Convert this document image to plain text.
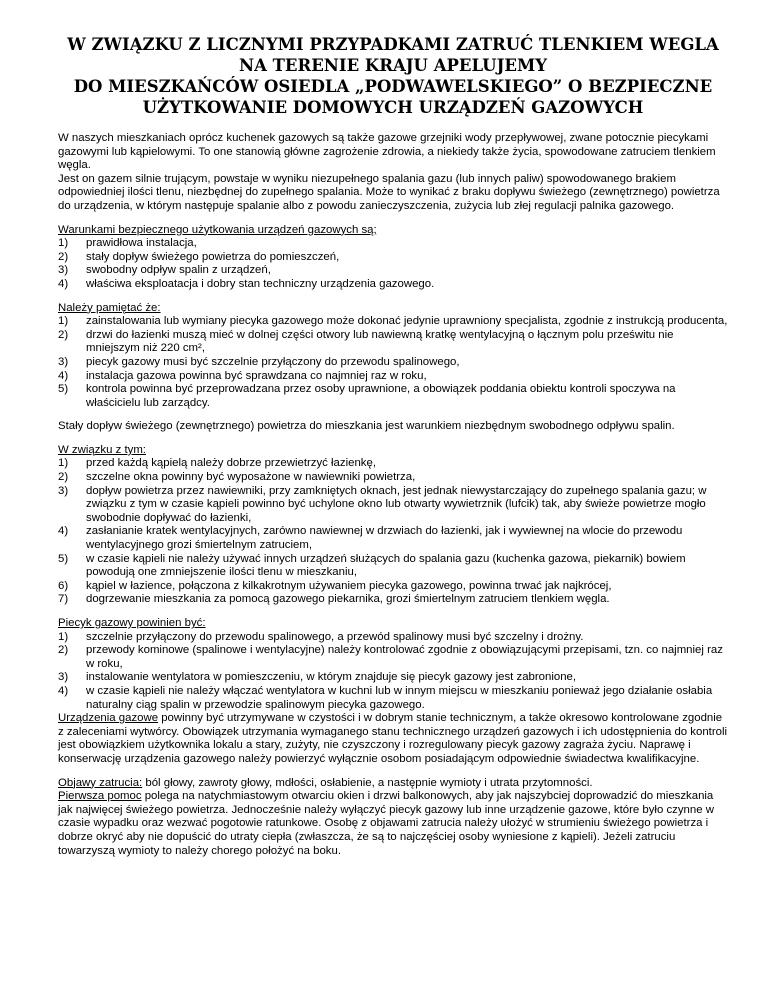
W ZWIĄZKU Z LICZNYMI PRZYPADKAMI ZATRUĆ TLENKIEM WEGLA
NA TERENIE KRAJU APELUJEMY
DO MIESZKAŃCÓW OSIEDLA „PODWAWELSKIEGO” O BEZPIECZNE
UŻYTKOWANIE DOMOWYCH URZĄDZEŃ GAZOWYCH

W naszych mieszkaniach oprócz kuchenek gazowych są także gazowe grzejniki wody przepływowej, zwane potocznie piecykami gazowymi lub kąpielowymi. To one stanowią główne zagrożenie zdrowia, a niekiedy także życia, spowodowane zatruciem tlenkiem węgla.

Jest on gazem silnie trującym, powstaje w wyniku niezupełnego spalania gazu (lub innych paliw) spowodowanego brakiem odpowiedniej ilości tlenu, niezbędnej do zupełnego spalania. Może to wynikać z braku dopływu świeżego (zewnętrznego) powietrza do urządzenia, w którym następuje spalanie albo z powodu zanieczyszczenia, zużycia lub złej regulacji palnika gazowego.

Warunkami bezpiecznego użytkowania urządzeń gazowych są;

1)	prawidłowa instalacja,
2)	stały dopływ świeżego powietrza do pomieszczeń,
3)	swobodny odpływ spalin z urządzeń,
4)	właściwa eksploatacja i dobry stan techniczny urządzenia gazowego.

Należy pamiętać że:

1)	zainstalowania lub wymiany piecyka gazowego może dokonać jedynie uprawniony specjalista, zgodnie z instrukcją producenta,
2)	drzwi do łazienki muszą mieć w dolnej części otwory lub nawiewną kratkę wentylacyjną o łącznym polu prześwitu nie mniejszym niż 220 cm²,
3)	piecyk gazowy musi być szczelnie przyłączony do przewodu spalinowego,
4)	instalacja gazowa powinna być sprawdzana co najmniej raz w roku,
5)	kontrola powinna być przeprowadzana przez osoby uprawnione, a obowiązek poddania obiektu kontroli spoczywa na właścicielu lub zarządcy.

Stały dopływ świeżego (zewnętrznego) powietrza do mieszkania jest warunkiem niezbędnym swobodnego odpływu spalin.

W związku z tym:

1)	przed każdą kąpielą należy dobrze przewietrzyć łazienkę,
2)	szczelne okna powinny być wyposażone w nawiewniki powietrza,
3)	dopływ powietrza przez nawiewniki, przy zamkniętych oknach, jest jednak niewystarczający do zupełnego spalania gazu; w związku z tym w czasie kąpieli powinno być uchylone okno lub otwarty wywietrznik (lufcik) tak, aby świeże powietrze mogło swobodnie dopływać do łazienki,
4)	zasłanianie kratek wentylacyjnych, zarówno nawiewnej w drzwiach do łazienki, jak i wywiewnej na wlocie do przewodu wentylacyjnego grozi śmiertelnym zatruciem,
5)	w czasie kąpieli nie należy używać innych urządzeń służących do spalania gazu (kuchenka gazowa, piekarnik) bowiem powodują one zmniejszenie ilości tlenu w mieszkaniu,
6)	kąpiel w łazience, połączona z kilkakrotnym używaniem piecyka gazowego, powinna trwać jak najkrócej,
7)	dogrzewanie mieszkania za pomocą gazowego piekarnika, grozi śmiertelnym zatruciem tlenkiem węgla.

Piecyk gazowy powinien być:

1)	szczelnie przyłączony do przewodu spalinowego, a przewód spalinowy musi być szczelny i drożny.
2)	przewody kominowe (spalinowe i wentylacyjne) należy kontrolować zgodnie z obowiązującymi przepisami, tzn. co najmniej raz w roku,
3)	instalowanie wentylatora w pomieszczeniu, w którym znajduje się piecyk gazowy jest zabronione,
4)	w czasie kąpieli nie należy włączać wentylatora w kuchni lub w innym miejscu w mieszkaniu ponieważ jego działanie osłabia naturalny ciąg spalin w przewodzie spalinowym piecyka gazowego.

Urządzenia gazowe powinny być utrzymywane w czystości i w dobrym stanie technicznym, a także okresowo kontrolowane zgodnie z zaleceniami wytwórcy. Obowiązek utrzymania wymaganego stanu technicznego urządzeń gazowych i ich udostępnienia do kontroli jest obowiązkiem użytkownika lokalu a stary, zużyty, nie czyszczony i rozregulowany piecyk gazowy zagraża życiu. Naprawę i konserwację urządzenia gazowego należy powierzyć wyłącznie osobom posiadającym odpowiednie świadectwa kwalifikacyjne.

Objawy zatrucia: ból głowy, zawroty głowy, mdłości, osłabienie, a następnie wymioty i utrata przytomności.

Pierwsza pomoc polega na natychmiastowym otwarciu okien i drzwi balkonowych, aby jak najszybciej doprowadzić do mieszkania jak najwięcej świeżego powietrza. Jednocześnie należy wyłączyć piecyk gazowy lub inne urządzenie gazowe, które było czynne w czasie wypadku oraz wezwać pogotowie ratunkowe. Osobę z objawami zatrucia należy ułożyć w strumieniu świeżego powietrza i dobrze okryć aby nie dopuścić do utraty ciepła (zwłaszcza, że są to najczęściej osoby wyniesione z kąpieli). Jeżeli zatruciu towarzyszą wymioty to należy chorego położyć na boku.
